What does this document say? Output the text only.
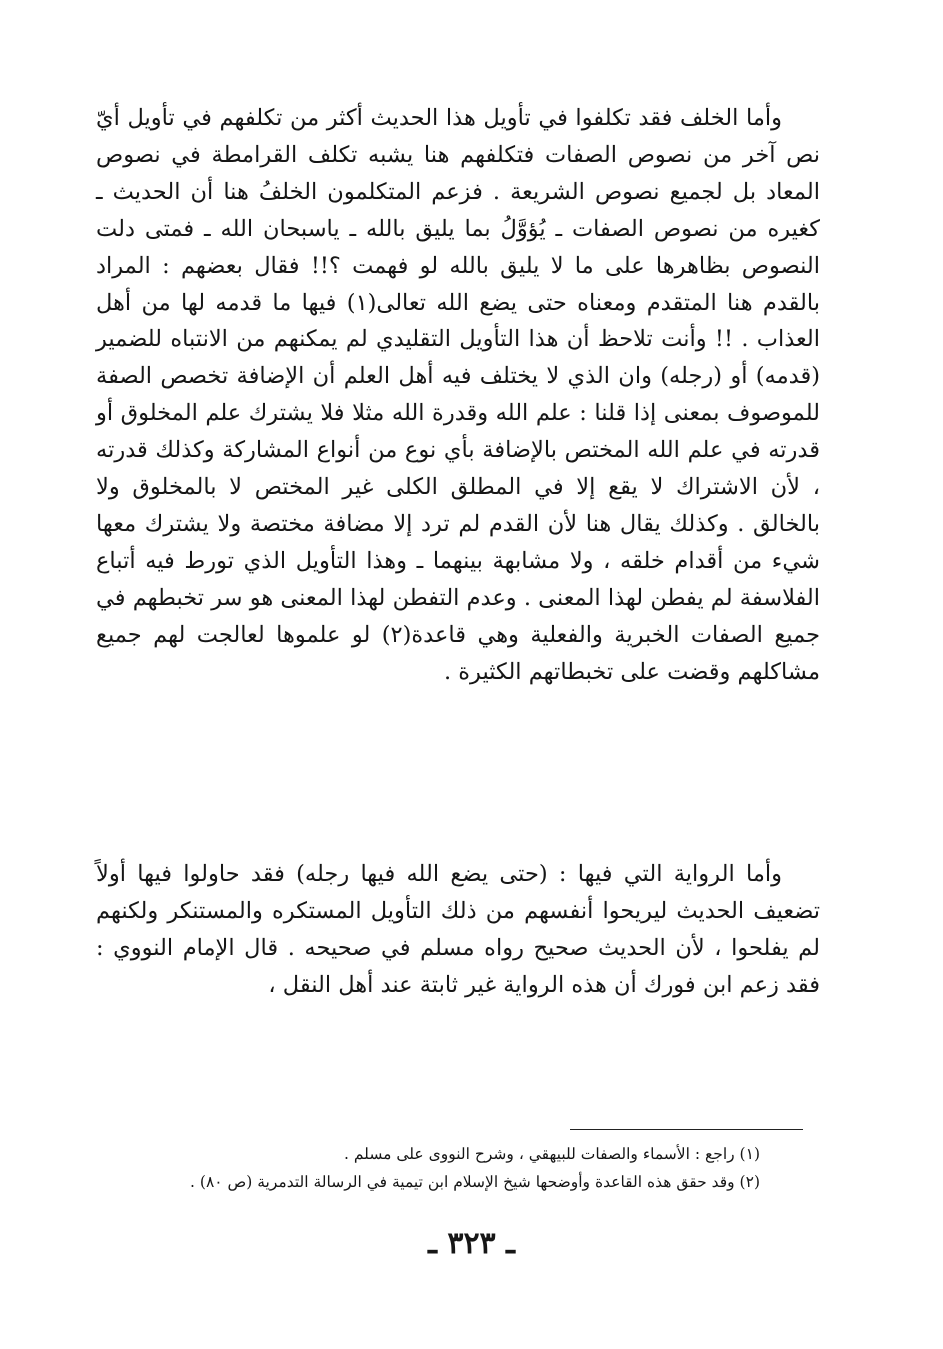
وأما الخلف فقد تكلفوا في تأويل هذا الحديث أكثر من تكلفهم في تأويل أيّ نص آخر من نصوص الصفات فتكلفهم هنا يشبه تكلف القرامطة في نصوص المعاد بل لجميع نصوص الشريعة . فزعم المتكلمون الخلفُ هنا أن الحديث ـ كغيره من نصوص الصفات ـ يُؤوَّلُ بما يليق بالله ـ ياسبحان الله ـ فمتى دلت النصوص بظاهرها على ما لا يليق بالله لو فهمت ؟!! فقال بعضهم : المراد بالقدم هنا المتقدم ومعناه حتى يضع الله تعالى(١) فيها ما قدمه لها من أهل العذاب . !! وأنت تلاحظ أن هذا التأويل التقليدي لم يمكنهم من الانتباه للضمير (قدمه) أو (رجله) وان الذي لا يختلف فيه أهل العلم أن الإضافة تخصص الصفة للموصوف بمعنى إذا قلنا : علم الله وقدرة الله مثلا فلا يشترك علم المخلوق أو قدرته في علم الله المختص بالإضافة بأي نوع من أنواع المشاركة وكذلك قدرته ، لأن الاشتراك لا يقع إلا في المطلق الكلى غير المختص لا بالمخلوق ولا بالخالق . وكذلك يقال هنا لأن القدم لم ترد إلا مضافة مختصة ولا يشترك معها شيء من أقدام خلقه ، ولا مشابهة بينهما ـ وهذا التأويل الذي تورط فيه أتباع الفلاسفة لم يفطن لهذا المعنى . وعدم التفطن لهذا المعنى هو سر تخبطهم في جميع الصفات الخبرية والفعلية وهي قاعدة(٢) لو علموها لعالجت لهم جميع مشاكلهم وقضت على تخبطاتهم الكثيرة .

وأما الرواية التي فيها : (حتى يضع الله فيها رجله) فقد حاولوا فيها أولاً تضعيف الحديث ليريحوا أنفسهم من ذلك التأويل المستكره والمستنكر ولكنهم لم يفلحوا ، لأن الحديث صحيح رواه مسلم في صحيحه . قال الإمام النووي : فقد زعم ابن فورك أن هذه الرواية غير ثابتة عند أهل النقل ،

(١) راجع : الأسماء والصفات للبيهقي ، وشرح النووى على مسلم .

(٢) وقد حقق هذه القاعدة وأوضحها شيخ الإسلام ابن تيمية في الرسالة التدمرية (ص ٨٠) .

ـ ٣٢٣ ـ
